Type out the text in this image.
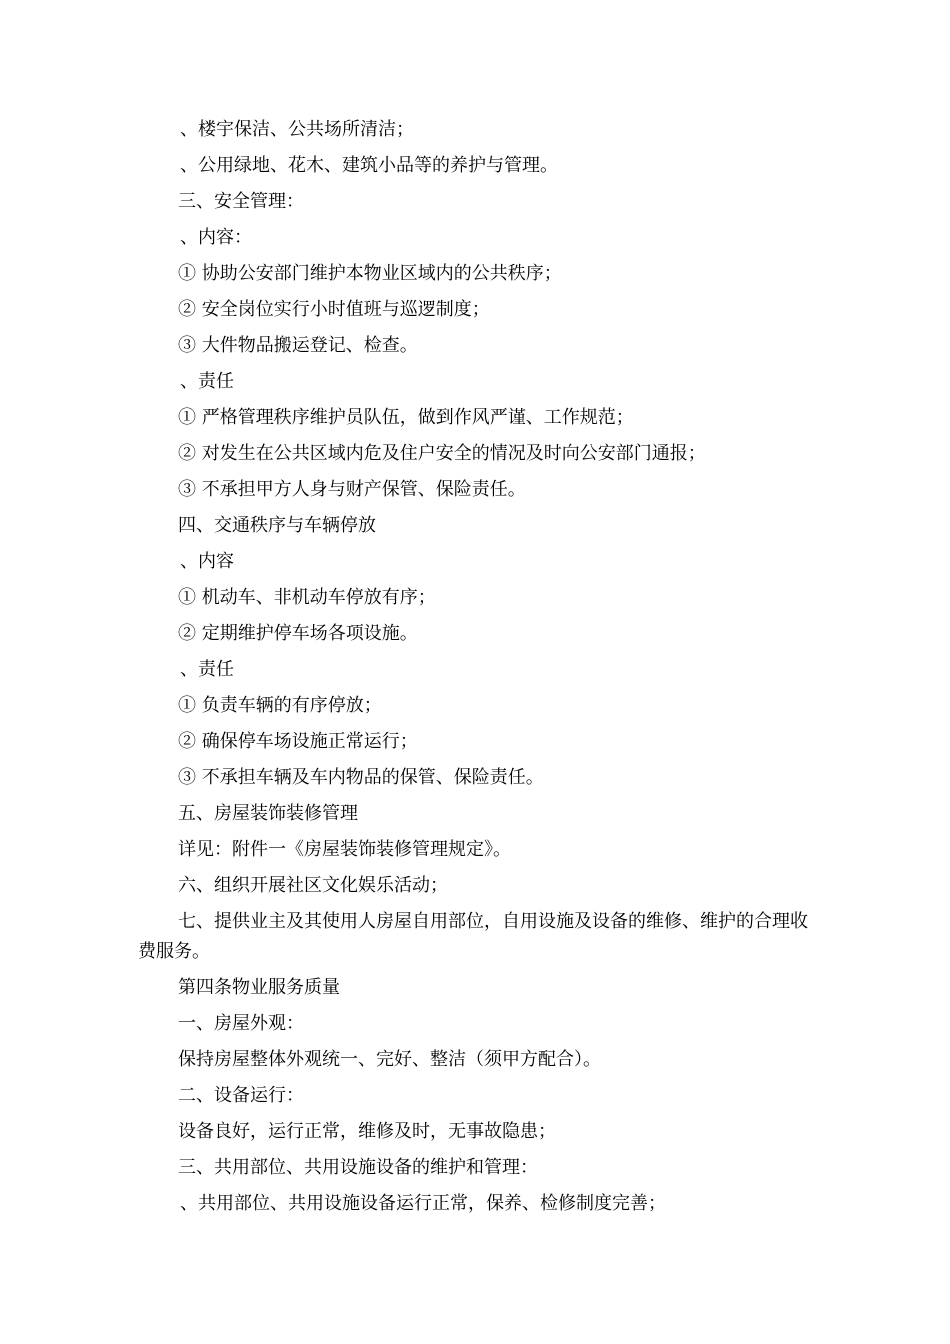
、楼宇保洁、公共场所清洁；

、公用绿地、花木、建筑小品等的养护与管理。

三、安全管理：

、内容：

① 协助公安部门维护本物业区域内的公共秩序；

② 安全岗位实行小时值班与巡逻制度；

③ 大件物品搬运登记、检查。

、责任

① 严格管理秩序维护员队伍，做到作风严谨、工作规范；

② 对发生在公共区域内危及住户安全的情况及时向公安部门通报；

③ 不承担甲方人身与财产保管、保险责任。

四、交通秩序与车辆停放

、内容

① 机动车、非机动车停放有序；

② 定期维护停车场各项设施。

、责任

① 负责车辆的有序停放；

② 确保停车场设施正常运行；

③ 不承担车辆及车内物品的保管、保险责任。

五、房屋装饰装修管理

详见：附件一《房屋装饰装修管理规定》。

六、组织开展社区文化娱乐活动；

七、提供业主及其使用人房屋自用部位，自用设施及设备的维修、维护的合理收费服务。

第四条物业服务质量

一、房屋外观：

保持房屋整体外观统一、完好、整洁（须甲方配合）。

二、设备运行：

设备良好，运行正常，维修及时，无事故隐患；

三、共用部位、共用设施设备的维护和管理：

、共用部位、共用设施设备运行正常，保养、检修制度完善；
